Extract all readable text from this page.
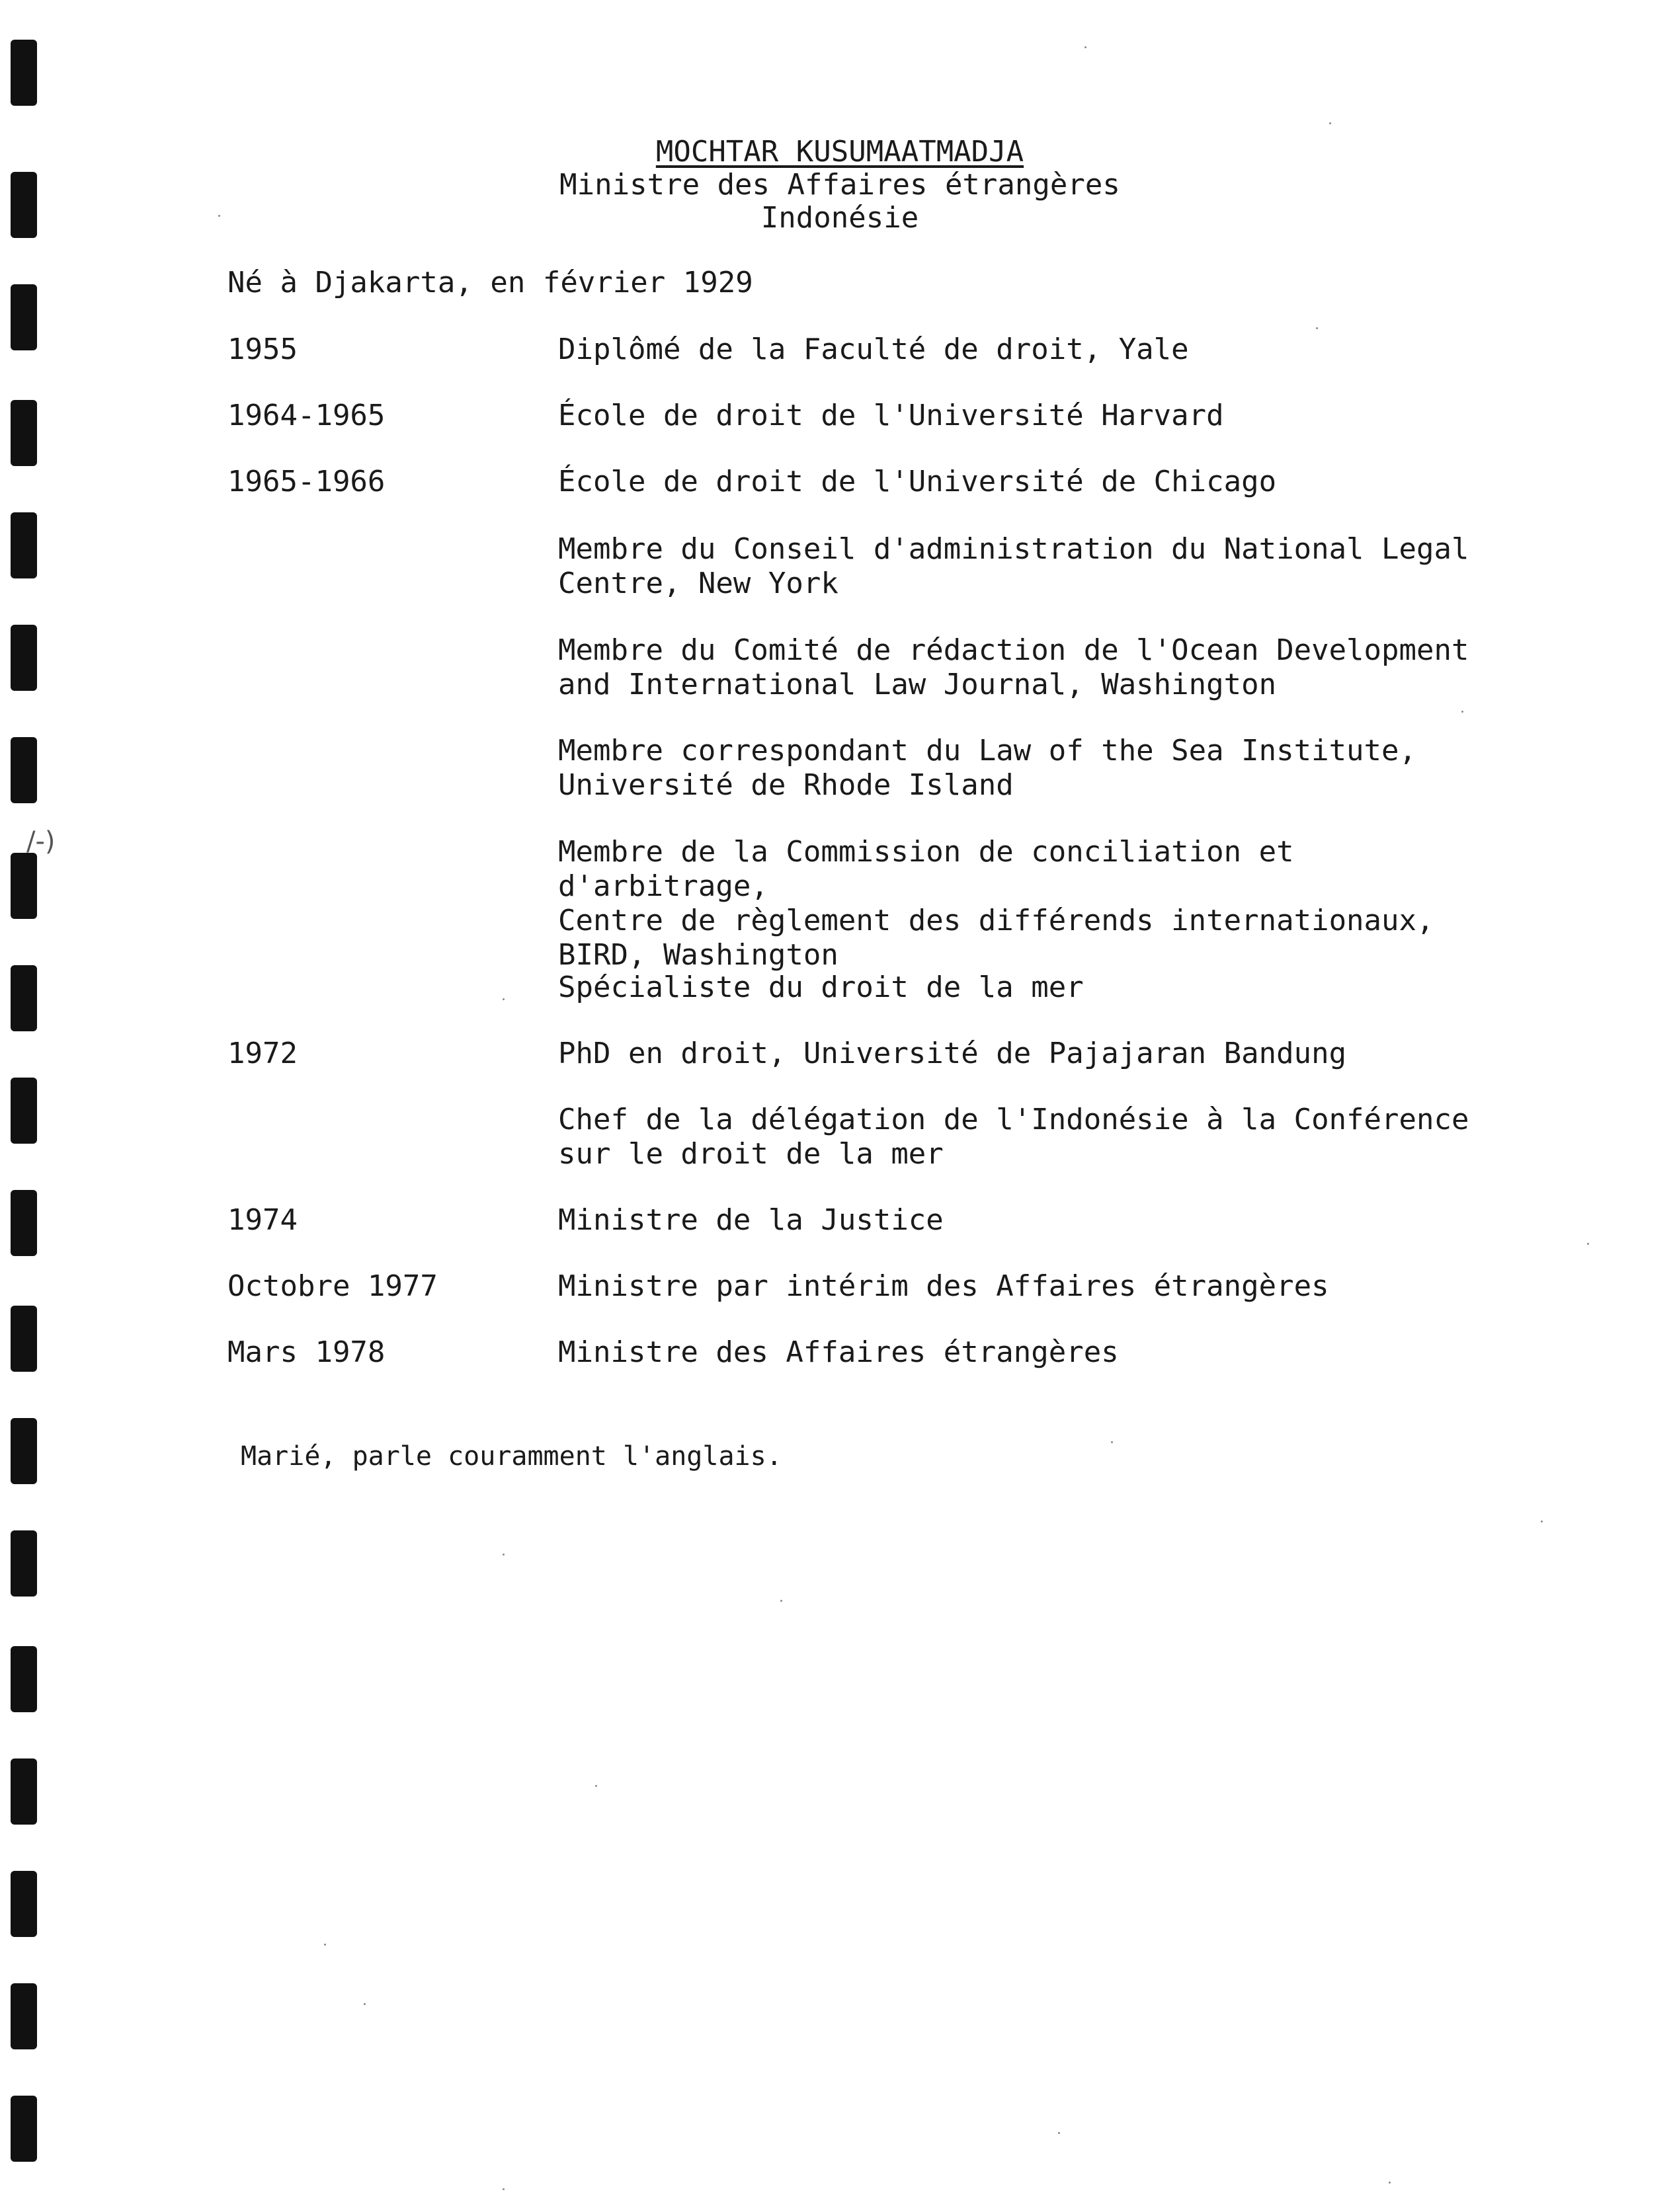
/-)
MOCHTAR KUSUMAATMADJA
Ministre des Affaires étrangères
Indonésie
Né à Djakarta, en février 1929
1955	Diplômé de la Faculté de droit, Yale
1964-1965	École de droit de l'Université Harvard
1965-1966	École de droit de l'Université de Chicago
Membre du Conseil d'administration du National Legal
Centre, New York
Membre du Comité de rédaction de l'Ocean Development
and International Law Journal, Washington
Membre correspondant du Law of the Sea Institute,
Université de Rhode Island
Membre de la Commission de conciliation et d'arbitrage,
Centre de règlement des différends internationaux,
BIRD, Washington
Spécialiste du droit de la mer
1972	PhD en droit, Université de Pajajaran Bandung
Chef de la délégation de l'Indonésie à la Conférence
sur le droit de la mer
1974	Ministre de la Justice
Octobre 1977	Ministre par intérim des Affaires étrangères
Mars 1978	Ministre des Affaires étrangères
Marié, parle couramment l'anglais.
